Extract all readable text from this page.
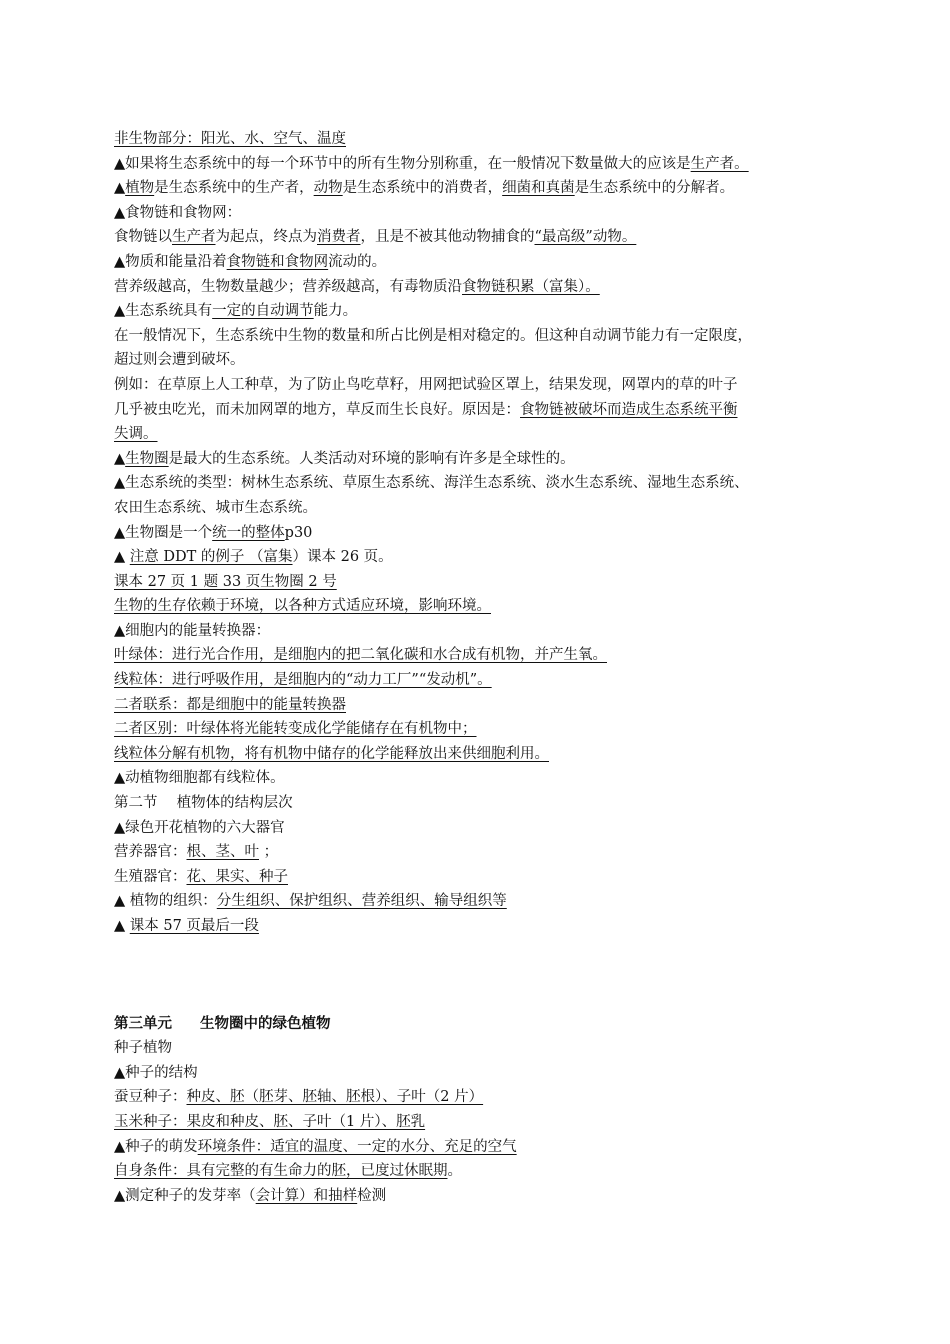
非生物部分：阳光、水、空气、温度
▲如果将生态系统中的每一个环节中的所有生物分别称重，在一般情况下数量做大的应该是生产者。
▲植物是生态系统中的生产者，动物是生态系统中的消费者，细菌和真菌是生态系统中的分解者。
▲食物链和食物网：
食物链以生产者为起点，终点为消费者，且是不被其他动物捕食的“最高级”动物。
▲物质和能量沿着食物链和食物网流动的。
营养级越高，生物数量越少；营养级越高，有毒物质沿食物链积累（富集）。
▲生态系统具有一定的自动调节能力。
在一般情况下，生态系统中生物的数量和所占比例是相对稳定的。但这种自动调节能力有一定限度，
超过则会遭到破坏。
例如：在草原上人工种草，为了防止鸟吃草籽，用网把试验区罩上，结果发现，网罩内的草的叶子
几乎被虫吃光，而未加网罩的地方，草反而生长良好。原因是：食物链被破坏而造成生态系统平衡
失调。
▲生物圈是最大的生态系统。人类活动对环境的影响有许多是全球性的。
▲生态系统的类型：树林生态系统、草原生态系统、海洋生态系统、淡水生态系统、湿地生态系统、
农田生态系统、城市生态系统。
▲生物圈是一个统一的整体p30
▲ 注意 DDT 的例子 （富集）课本 26 页。
课本 27 页 1 题 33 页生物圈 2 号
生物的生存依赖于环境，以各种方式适应环境，影响环境。
▲细胞内的能量转换器：
叶绿体：进行光合作用，是细胞内的把二氧化碳和水合成有机物，并产生氧。
线粒体：进行呼吸作用，是细胞内的“动力工厂”“发动机”。
二者联系：都是细胞中的能量转换器
二者区别：叶绿体将光能转变成化学能储存在有机物中；
线粒体分解有机物，将有机物中储存的化学能释放出来供细胞利用。
▲动植物细胞都有线粒体。
第二节　 植物体的结构层次
▲绿色开花植物的六大器官
营养器官：根、茎、叶 ；
生殖器官：花、果实、种子
▲ 植物的组织：分生组织、保护组织、营养组织、输导组织等
▲ 课本 57 页最后一段
第三单元 生物圈中的绿色植物
种子植物
▲种子的结构
蚕豆种子：种皮、胚（胚芽、胚轴、胚根）、子叶（2 片）
玉米种子：果皮和种皮、胚、子叶（1 片）、胚乳
▲种子的萌发环境条件：适宜的温度、一定的水分、充足的空气
自身条件：具有完整的有生命力的胚，已度过休眠期。
▲测定种子的发芽率（会计算）和抽样检测
